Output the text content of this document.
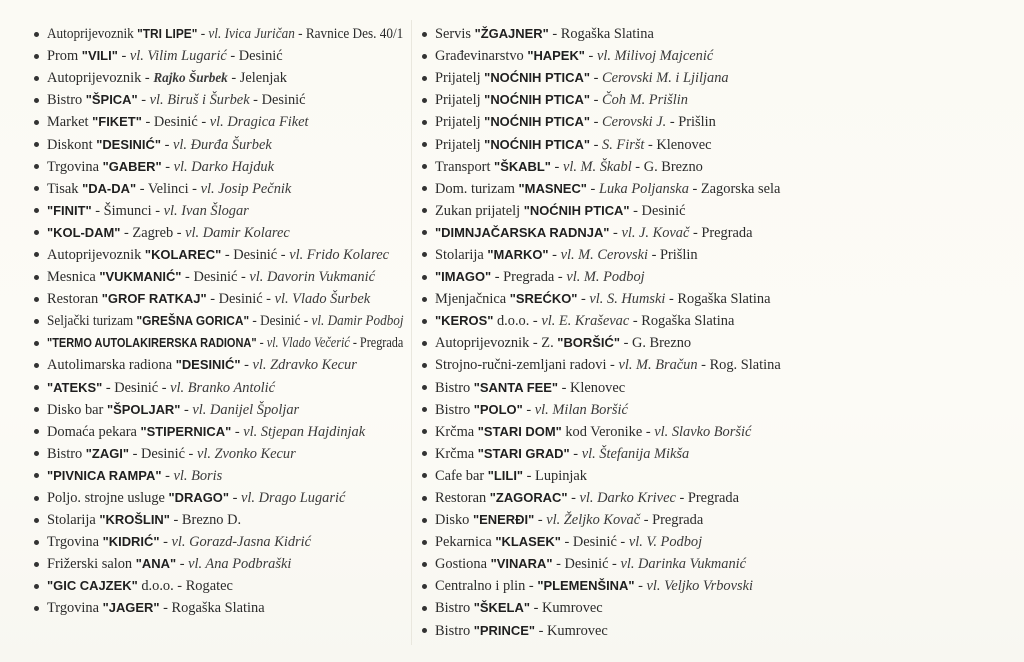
Autoprijevoznik "TRI LIPE" - vl. Ivica Juričan - Ravnice Des. 40/1
Prom "VILI" - vl. Vilim Lugarić - Desinić
Autoprijevoznik - Rajko Šurbek - Jelenjak
Bistro "ŠPICA" - vl. Biruš i Šurbek - Desinić
Market "FIKET" - Desinić - vl. Dragica Fiket
Diskont "DESINIĆ" - vl. Đurđa Šurbek
Trgovina "GABER" - vl. Darko Hajduk
Tisak "DA-DA" - Velinci - vl. Josip Pečnik
"FINIT" - Šimunci - vl. Ivan Šlogar
"KOL-DAM" - Zagreb - vl. Damir Kolarec
Autoprijevoznik "KOLAREC" - Desinić - vl. Frido Kolarec
Mesnica "VUKMANIĆ" - Desinić - vl. Davorin Vukmanić
Restoran "GROF RATKAJ" - Desinić - vl. Vlado Šurbek
Seljački turizam "GREŠNA GORICA" - Desinić - vl. Damir Podboj
"TERMO AUTOLAKIRERSKA RADIONA" - vl. Vlado Večerić - Pregrada
Autolimarska radiona "DESINIĆ" - vl. Zdravko Kecur
"ATEKS" - Desinić - vl. Branko Antolić
Disko bar "ŠPOLJAR" - vl. Danijel Špoljar
Domaća pekara "STIPERNICA" - vl. Stjepan Hajdinjak
Bistro "ZAGI" - Desinić - vl. Zvonko Kecur
"PIVNICA RAMPA" - vl. Boris
Poljo. strojne usluge "DRAGO" - vl. Drago Lugarić
Stolarija "KROŠLIN" - Brezno D.
Trgovina "KIDRIĆ" - vl. Gorazd-Jasna Kidrić
Frižerski salon "ANA" - vl. Ana Podbraški
"GIC CAJZEK" d.o.o. - Rogatec
Trgovina "JAGER" - Rogaška Slatina
Servis "ŽGAJNER" - Rogaška Slatina
Građevinarstvo "HAPEK" - vl. Milivoj Majcenić
Prijatelj "NOĆNIH PTICA" - Cerovski M. i Ljiljana
Prijatelj "NOĆNIH PTICA" - Čoh M. Prišlin
Prijatelj "NOĆNIH PTICA" - Cerovski J. - Prišlin
Prijatelj "NOĆNIH PTICA" - S. Firšt - Klenovec
Transport "ŠKABL" - vl. M. Škabl - G. Brezno
Dom. turizam "MASNEC" - Luka Poljanska - Zagorska sela
Zukan prijatelj "NOĆNIH PTICA" - Desinić
"DIMNJAČARSKA RADNJA" - vl. J. Kovač - Pregrada
Stolarija "MARKO" - vl. M. Cerovski - Prišlin
"IMAGO" - Pregrada - vl. M. Podboj
Mjenjačnica "SREĆKO" - vl. S. Humski - Rogaška Slatina
"KEROS" d.o.o. - vl. E. Kraševac - Rogaška Slatina
Autoprijevoznik - Z. "BORŠIĆ" - G. Brezno
Strojno-ručni-zemljani radovi - vl. M. Bračun - Rog. Slatina
Bistro "SANTA FEE" - Klenovec
Bistro "POLO" - vl. Milan Boršić
Krčma "STARI DOM" kod Veronike - vl. Slavko Boršić
Krčma "STARI GRAD" - vl. Štefanija Mikša
Cafe bar "LILI" - Lupinjak
Restoran "ZAGORAC" - vl. Darko Krivec - Pregrada
Disko "ENERĐI" - vl. Željko Kovač - Pregrada
Pekarnica "KLASEK" - Desinić - vl. V. Podboj
Gostiona "VINARA" - Desinić - vl. Darinka Vukmanić
Centralno i plin - "PLEMENŠINA" - vl. Veljko Vrbovski
Bistro "ŠKELA" - Kumrovec
Bistro "PRINCE" - Kumrovec
